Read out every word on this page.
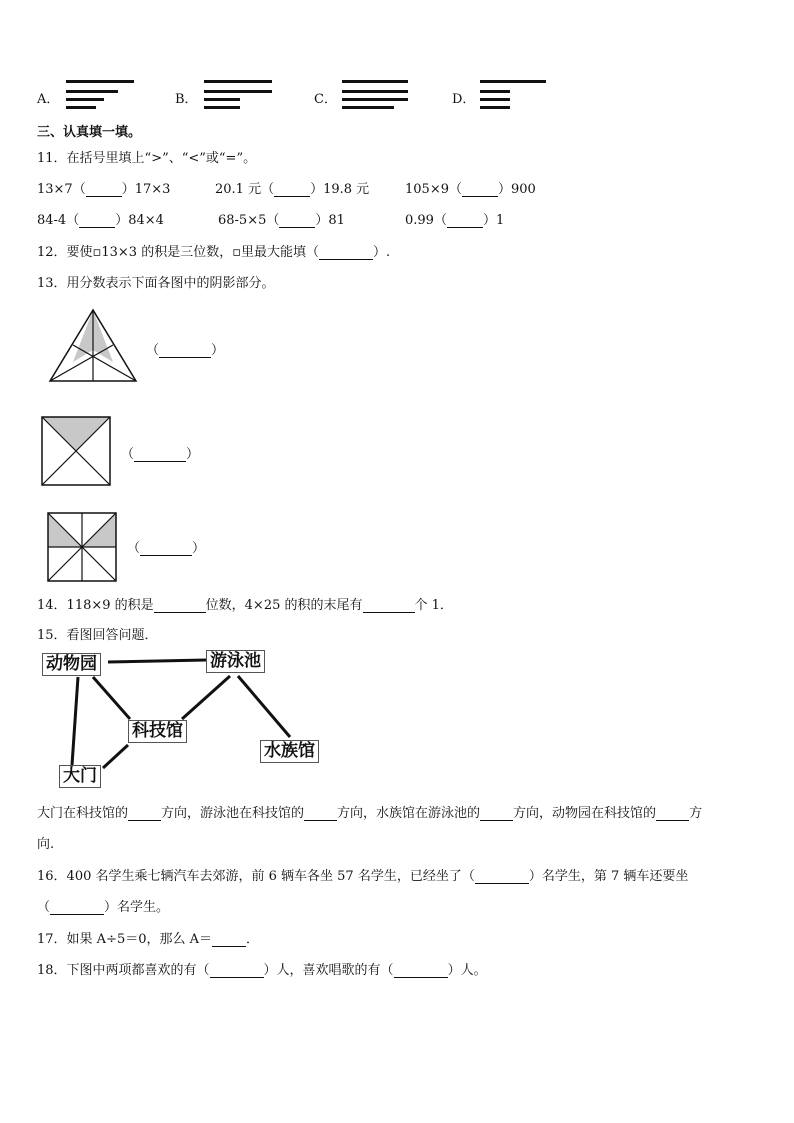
A．	B．	C．	D．
三、认真填一填。
11．在括号里填上“>”、“<”或“=”。
13×7（	）17×3	20.1 元（	）19.8 元	105×9（	）900
84-4（	）84×4	68-5×5（	）81	0.99（	）1
12．要使▫13×3 的积是三位数，▫里最大能填（	）.
13．用分数表示下面各图中的阴影部分。
（	）
（	）
（	）
14．118×9 的积是	位数，4×25 的积的末尾有	个 1．
15．看图回答问题．
动物园	游泳池
科技馆
大门
水族馆
大门在科技馆的	方向，游泳池在科技馆的	方向，水族馆在游泳池的	方向，动物园在科技馆的	方
向.
16．400 名学生乘七辆汽车去郊游，前 6 辆车各坐 57 名学生，已经坐了（	）名学生，第 7 辆车还要坐
（	）名学生。
17．如果 A÷5＝0，那么 A＝	．
18．下图中两项都喜欢的有（	）人，喜欢唱歌的有（	）人。
